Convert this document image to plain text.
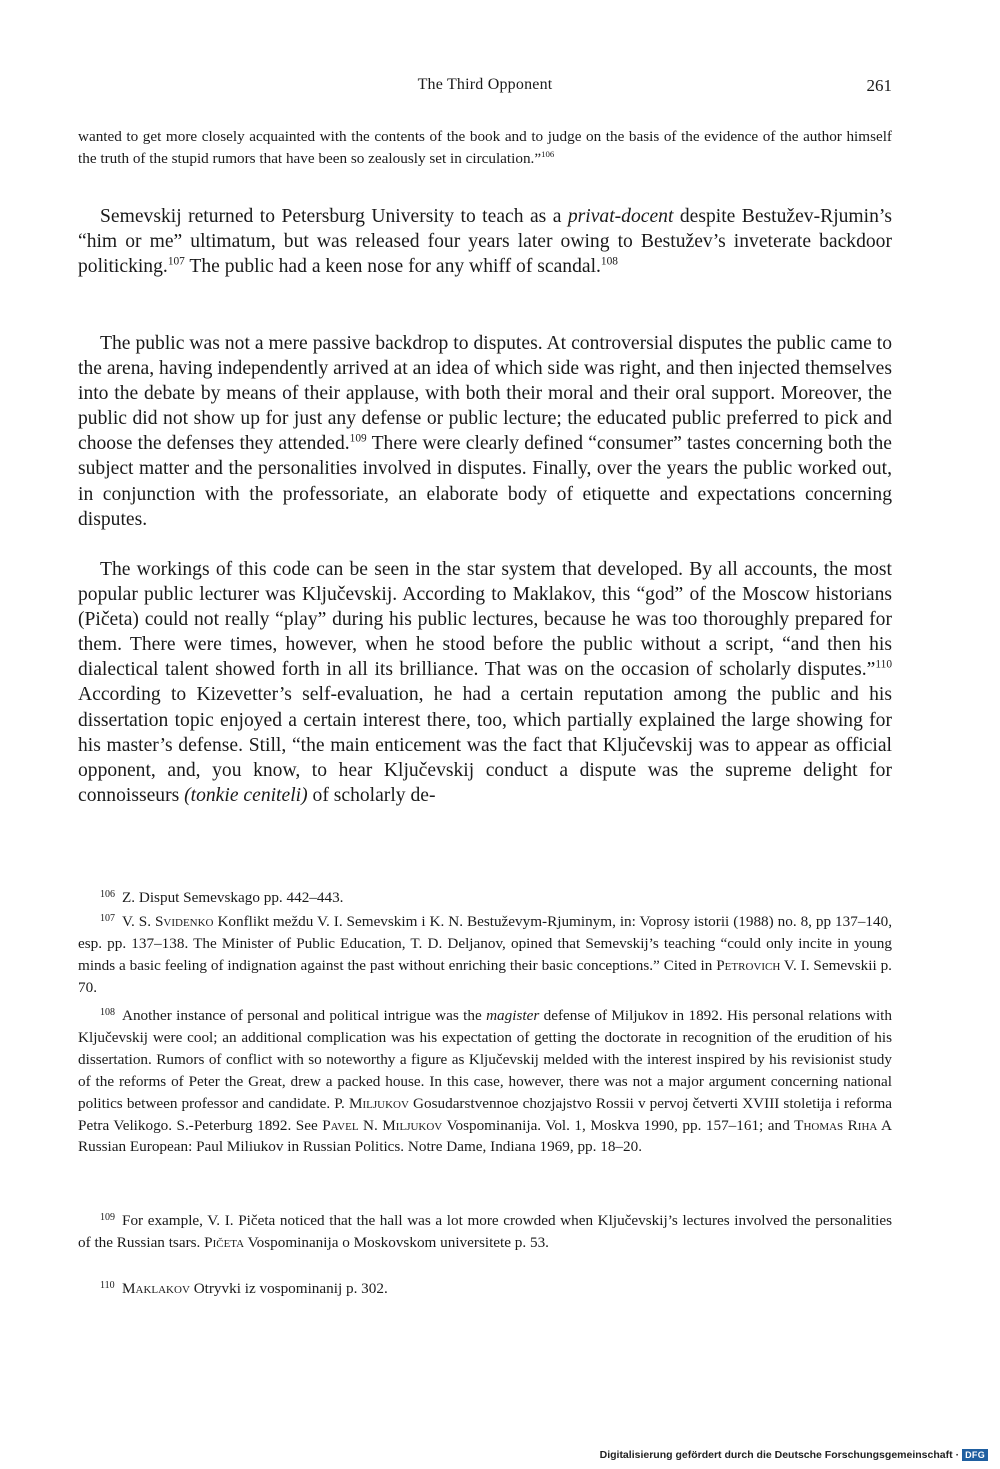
The Third Opponent	261

wanted to get more closely acquainted with the contents of the book and to judge on the basis of the evidence of the author himself the truth of the stupid rumors that have been so zealously set in circulation.”$^{106}$

Semevskij returned to Petersburg University to teach as a privat-docent despite Bestužev-Rjumin’s “him or me” ultimatum, but was released four years later owing to Bestužev’s inveterate backdoor politicking.$^{107}$ The public had a keen nose for any whiff of scandal.$^{108}$

The public was not a mere passive backdrop to disputes. At controversial disputes the public came to the arena, having independently arrived at an idea of which side was right, and then injected themselves into the debate by means of their applause, with both their moral and their oral support. Moreover, the public did not show up for just any defense or public lecture; the educated public preferred to pick and choose the defenses they attended.$^{109}$ There were clearly defined “consumer” tastes concerning both the subject matter and the personalities involved in disputes. Finally, over the years the public worked out, in conjunction with the professoriate, an elaborate body of etiquette and expectations concerning disputes.

The workings of this code can be seen in the star system that developed. By all accounts, the most popular public lecturer was Ključevskij. According to Maklakov, this “god” of the Moscow historians (Pičeta) could not really “play” during his public lectures, because he was too thoroughly prepared for them. There were times, however, when he stood before the public without a script, “and then his dialectical talent showed forth in all its brilliance. That was on the occasion of scholarly disputes.”$^{110}$ According to Kizevetter’s self-evaluation, he had a certain reputation among the public and his dissertation topic enjoyed a certain interest there, too, which partially explained the large showing for his master’s defense. Still, “the main enticement was the fact that Ključevskij was to appear as official opponent, and, you know, to hear Ključevskij conduct a dispute was the supreme delight for connoisseurs (tonkie ceniteli) of scholarly de-

106 Z. Disput Semevskago pp. 442–443.

107 V. S. Svidenko Konflikt meždu V. I. Semevskim i K. N. Bestuževym-Rjuminym, in: Voprosy istorii (1988) no. 8, pp 137–140, esp. pp. 137–138. The Minister of Public Education, T. D. Deljanov, opined that Semevskij’s teaching “could only incite in young minds a basic feeling of indignation against the past without enriching their basic conceptions.” Cited in Petrovich V. I. Semevskii p. 70.

108 Another instance of personal and political intrigue was the magister defense of Miljukov in 1892. His personal relations with Ključevskij were cool; an additional complication was his expectation of getting the doctorate in recognition of the erudition of his dissertation. Rumors of conflict with so noteworthy a figure as Ključevskij melded with the interest inspired by his revisionist study of the reforms of Peter the Great, drew a packed house. In this case, however, there was not a major argument concerning national politics between professor and candidate. P. Miljukov Gosudarstvennoe chozjajstvo Rossii v pervoj četverti XVIII stoletija i reforma Petra Velikogo. S.-Peterburg 1892. See Pavel N. Miljukov Vospominanija. Vol. 1, Moskva 1990, pp. 157–161; and Thomas Riha A Russian European: Paul Miliukov in Russian Politics. Notre Dame, Indiana 1969, pp. 18–20.

109 For example, V. I. Pičeta noticed that the hall was a lot more crowded when Ključevskij’s lectures involved the personalities of the Russian tsars. Pičeta Vospominanija o Moskovskom universitete p. 53.

110 Maklakov Otryvki iz vospominanij p. 302.

Digitalisierung gefördert durch die Deutsche Forschungsgemeinschaft · DFG
